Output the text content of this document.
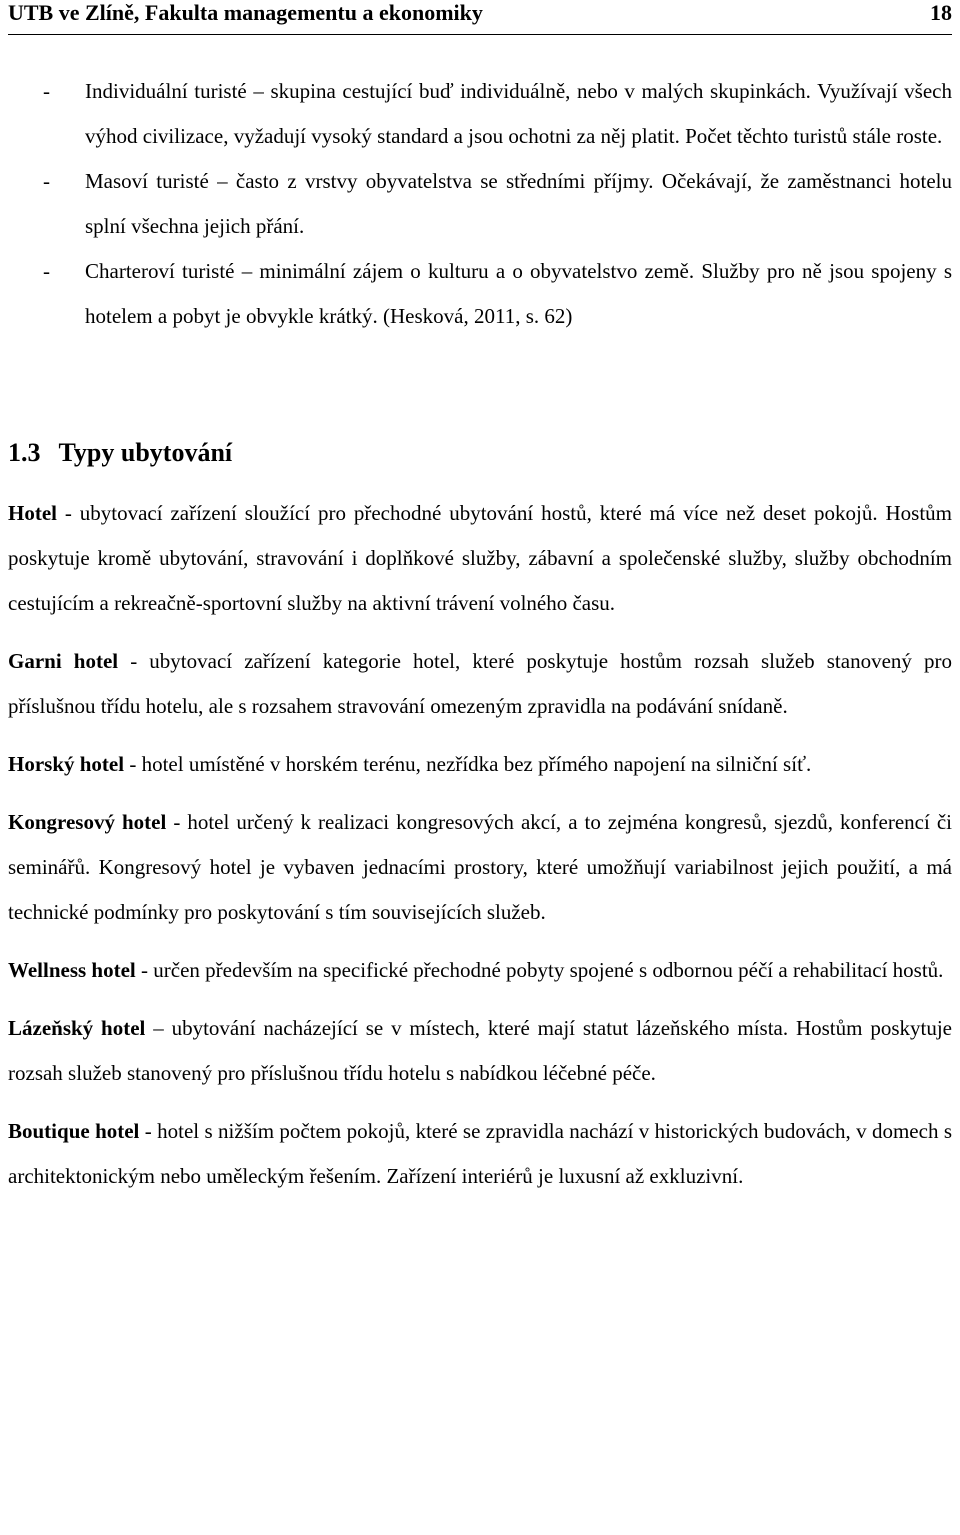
UTB ve Zlíně, Fakulta managementu a ekonomiky	18
- Individuální turisté – skupina cestující buď individuálně, nebo v malých skupinkách. Využívají všech výhod civilizace, vyžadují vysoký standard a jsou ochotni za něj platit. Počet těchto turistů stále roste.
- Masoví turisté – často z vrstvy obyvatelstva se středními příjmy. Očekávají, že zaměstnanci hotelu splní všechna jejich přání.
- Charteroví turisté – minimální zájem o kulturu a o obyvatelstvo země. Služby pro ně jsou spojeny s hotelem a pobyt je obvykle krátký. (Hesková, 2011, s. 62)
1.3 Typy ubytování

Hotel - ubytovací zařízení sloužící pro přechodné ubytování hostů, které má více než deset pokojů. Hostům poskytuje kromě ubytování, stravování i doplňkové služby, zábavní a společenské služby, služby obchodním cestujícím a rekreačně-sportovní služby na aktivní trávení volného času.

Garni hotel - ubytovací zařízení kategorie hotel, které poskytuje hostům rozsah služeb stanovený pro příslušnou třídu hotelu, ale s rozsahem stravování omezeným zpravidla na podávání snídaně.

Horský hotel - hotel umístěné v horském terénu, nezřídka bez přímého napojení na silniční síť.

Kongresový hotel - hotel určený k realizaci kongresových akcí, a to zejména kongresů, sjezdů, konferencí či seminářů. Kongresový hotel je vybaven jednacími prostory, které umožňují variabilnost jejich použití, a má technické podmínky pro poskytování s tím souvisejících služeb.

Wellness hotel - určen především na specifické přechodné pobyty spojené s odbornou péčí a rehabilitací hostů.

Lázeňský hotel – ubytování nacházející se v místech, které mají statut lázeňského místa. Hostům poskytuje rozsah služeb stanovený pro příslušnou třídu hotelu s nabídkou léčebné péče.

Boutique hotel - hotel s nižším počtem pokojů, které se zpravidla nachází v historických budovách, v domech s architektonickým nebo uměleckým řešením. Zařízení interiérů je luxusní až exkluzivní.
